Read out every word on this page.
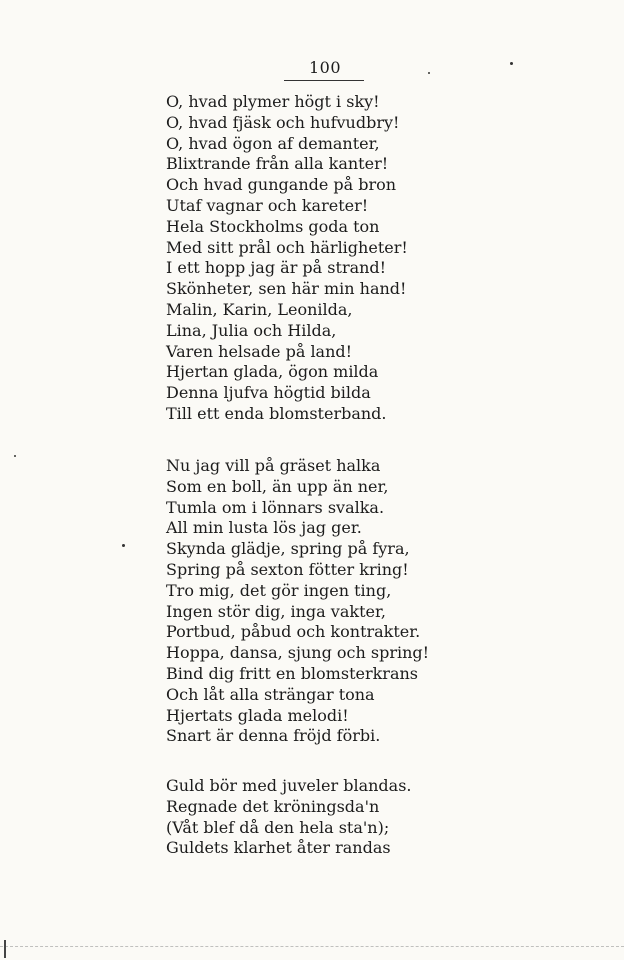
100
O, hvad plymer högt i sky!
O, hvad fjäsk och hufvudbry!
O, hvad ögon af demanter,
Blixtrande från alla kanter!
Och hvad gungande på bron
Utaf vagnar och kareter!
Hela Stockholms goda ton
Med sitt prål och härligheter!
I ett hopp jag är på strand!
Skönheter, sen här min hand!
Malin, Karin, Leonilda,
Lina, Julia och Hilda,
Varen helsade på land!
Hjertan glada, ögon milda
Denna ljufva högtid bilda
Till ett enda blomsterband.
Nu jag vill på gräset halka
Som en boll, än upp än ner,
Tumla om i lönnars svalka.
All min lusta lös jag ger.
Skynda glädje, spring på fyra,
Spring på sexton fötter kring!
Tro mig, det gör ingen ting,
Ingen stör dig, inga vakter,
Portbud, påbud och kontrakter.
Hoppa, dansa, sjung och spring!
Bind dig fritt en blomsterkrans
Och låt alla strängar tona
Hjertats glada melodi!
Snart är denna fröjd förbi.
Guld bör med juveler blandas.
Regnade det kröningsda'n
(Våt blef då den hela sta'n);
Guldets klarhet åter randas
